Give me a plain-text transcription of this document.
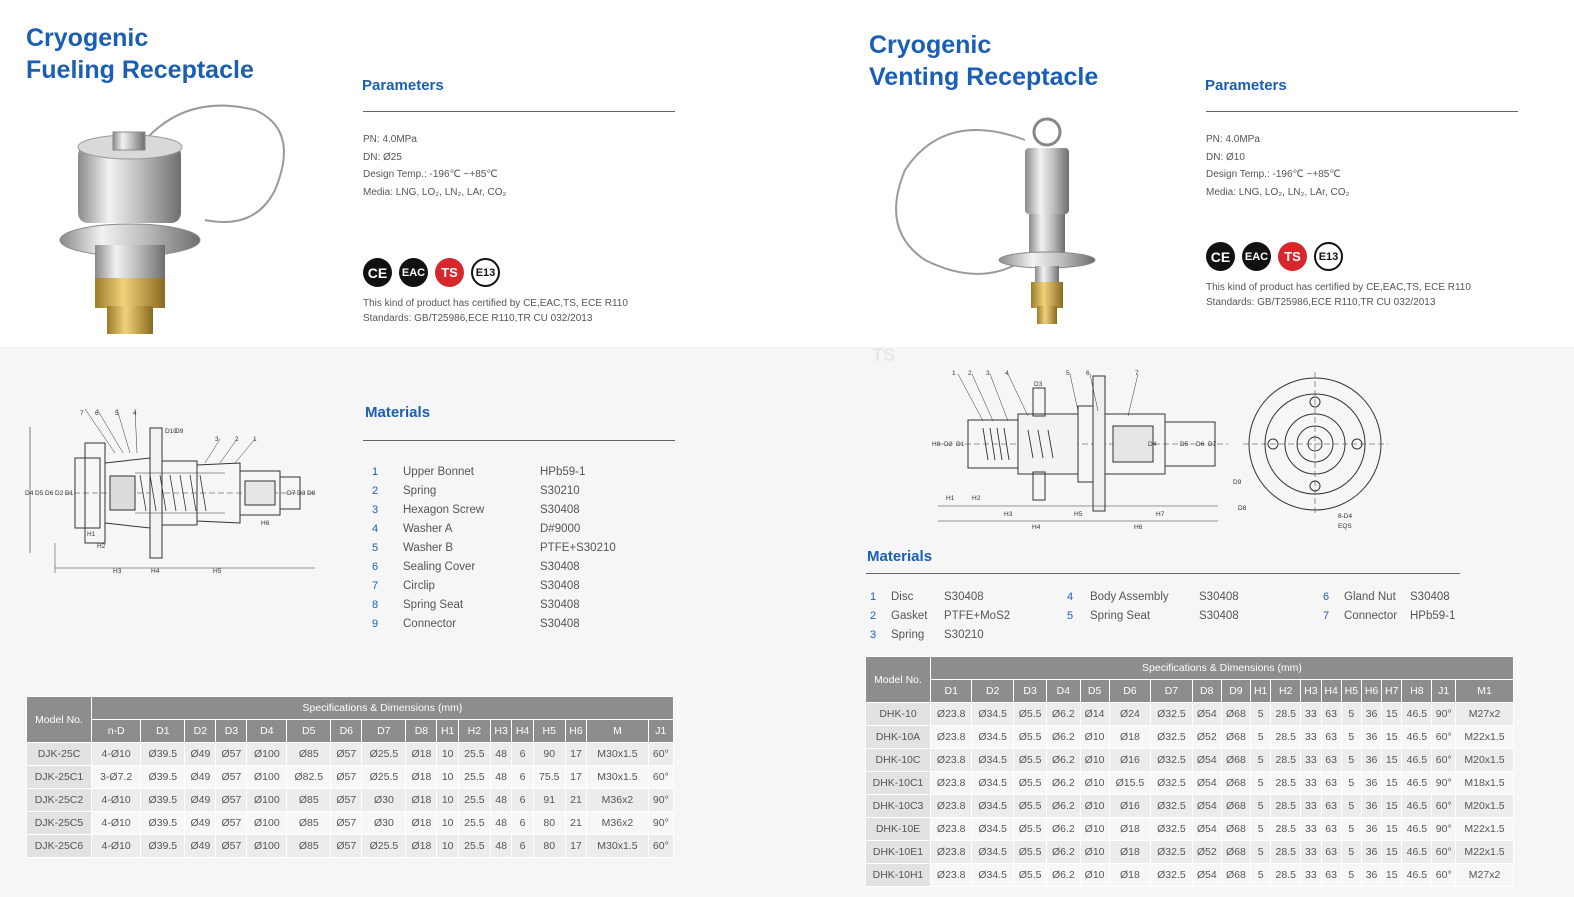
Cryogenic
Fueling Receptacle
Parameters
PN: 4.0MPa
DN: Ø25
Design Temp.: -196℃ ~+85℃
Media: LNG, LO₂, LN₂, LAr, CO₂
CE	EAC	TS	E13
This kind of product has certified by CE,EAC,TS, ECE R110
Standards: GB/T25986,ECE R110,TR CU 032/2013
7 6	5 4
3	2 1
D10
D9
D4 D5 D6 D2 D1	D7 D3 D8
H1
H2
H3	H4	H5
H6
Materials
1	Upper Bonnet	HPb59-1
2	Spring	S30210
3	Hexagon Screw	S30408
4	Washer A	D#9000
5	Washer B	PTFE+S30210
6	Sealing Cover	S30408
7	Circlip	S30408
8	Spring Seat	S30408
9	Connector	S30408
Model No.	Specifications & Dimensions (mm)																
	n-D	D1	D2	D3	D4	D5	D6	D7	D8	H1	H2	H3	H4	H5	H6	M	J1
DJK-25C	4-Ø10	Ø39.5	Ø49	Ø57	Ø100	Ø85	Ø57	Ø25.5	Ø18	10	25.5	48	6	90	17	M30x1.5	60°
DJK-25C1	3-Ø7.2	Ø39.5	Ø49	Ø57	Ø100	Ø82.5	Ø57	Ø25.5	Ø18	10	25.5	48	6	75.5	17	M30x1.5	60°
DJK-25C2	4-Ø10	Ø39.5	Ø49	Ø57	Ø100	Ø85	Ø57	Ø30	Ø18	10	25.5	48	6	91	21	M36x2	90°
DJK-25C5	4-Ø10	Ø39.5	Ø49	Ø57	Ø100	Ø85	Ø57	Ø30	Ø18	10	25.5	48	6	80	21	M36x2	90°
DJK-25C6	4-Ø10	Ø39.5	Ø49	Ø57	Ø100	Ø85	Ø57	Ø25.5	Ø18	10	25.5	48	6	80	17	M30x1.5	60°
Cryogenic
Venting Receptacle	Parameters
PN: 4.0MPa
DN: Ø10
Design Temp.: -196℃ ~+85℃
Media: LNG, LO₂, LN₂, LAr, CO₂
CE	EAC	TS	E13
This kind of product has certified by CE,EAC,TS, ECE R110
Standards: GB/T25986,ECE R110,TR CU 032/2013
TS
1 2 3 4	5	6	7
D3
H8 D2 D1	D4	D5 D6 D7
H1	H2
H3
H4
H5
H6
H7
D9
D8
EQS
8-D4
Materials
1	Disc	S30408
2	Gasket	PTFE+MoS2
3	Spring	S30210
4	Body Assembly	S30408
5	Spring Seat	S30408
6	Gland Nut	S30408
7	Connector	HPb59-1
Model No.	Specifications & Dimensions (mm)																		
	D1	D2	D3	D4	D5	D6	D7	D8	D9	H1	H2	H3	H4	H5	H6	H7	H8	J1	M1
DHK-10	Ø23.8	Ø34.5	Ø5.5	Ø6.2	Ø14	Ø24	Ø32.5	Ø54	Ø68	5	28.5	33	63	5	36	15	46.5	90°	M27x2
DHK-10A	Ø23.8	Ø34.5	Ø5.5	Ø6.2	Ø10	Ø18	Ø32.5	Ø52	Ø68	5	28.5	33	63	5	36	15	46.5	60°	M22x1.5
DHK-10C	Ø23.8	Ø34.5	Ø5.5	Ø6.2	Ø10	Ø16	Ø32.5	Ø54	Ø68	5	28.5	33	63	5	36	15	46.5	60°	M20x1.5
DHK-10C1	Ø23.8	Ø34.5	Ø5.5	Ø6.2	Ø10	Ø15.5	Ø32.5	Ø54	Ø68	5	28.5	33	63	5	36	15	46.5	90°	M18x1.5
DHK-10C3	Ø23.8	Ø34.5	Ø5.5	Ø6.2	Ø10	Ø16	Ø32.5	Ø54	Ø68	5	28.5	33	63	5	36	15	46.5	60°	M20x1.5
DHK-10E	Ø23.8	Ø34.5	Ø5.5	Ø6.2	Ø10	Ø18	Ø32.5	Ø54	Ø68	5	28.5	33	63	5	36	15	46.5	90°	M22x1.5
DHK-10E1	Ø23.8	Ø34.5	Ø5.5	Ø6.2	Ø10	Ø18	Ø32.5	Ø52	Ø68	5	28.5	33	63	5	36	15	46.5	60°	M22x1.5
DHK-10H1	Ø23.8	Ø34.5	Ø5.5	Ø6.2	Ø10	Ø18	Ø32.5	Ø54	Ø68	5	28.5	33	63	5	36	15	46.5	60°	M27x2
